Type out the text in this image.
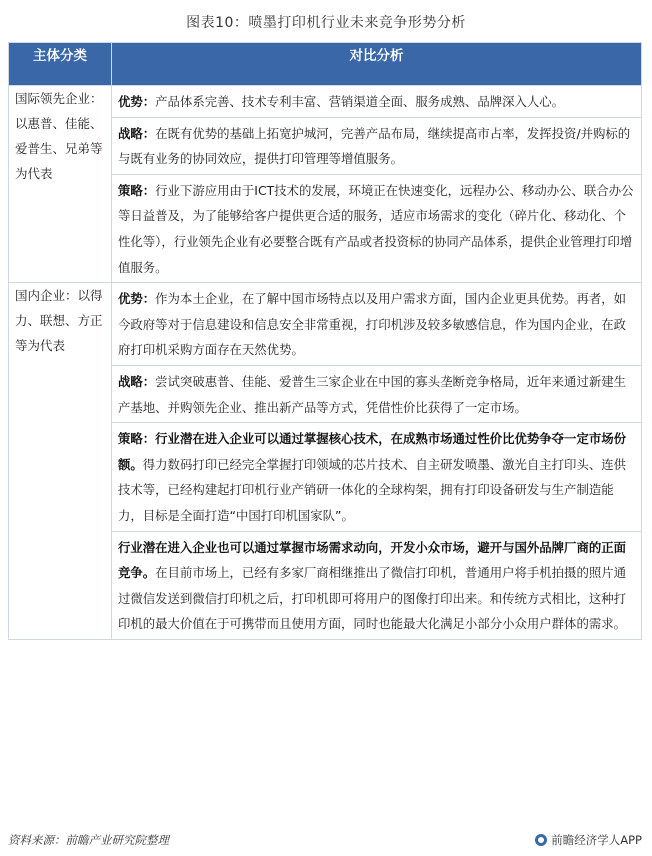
图表10：喷墨打印机行业未来竞争形势分析
主体分类	对比分析
国际领先企业：以惠普、佳能、爱普生、兄弟等为代表	优势：产品体系完善、技术专利丰富、营销渠道全面、服务成熟、品牌深入人心。
	战略：在既有优势的基础上拓宽护城河，完善产品布局，继续提高市占率，发挥投资/并购标的与既有业务的协同效应，提供打印管理等增值服务。
	策略：行业下游应用由于ICT技术的发展，环境正在快速变化，远程办公、移动办公、联合办公等日益普及，为了能够给客户提供更合适的服务，适应市场需求的变化（碎片化、移动化、个性化等），行业领先企业有必要整合既有产品或者投资标的协同产品体系，提供企业管理打印增值服务。
国内企业：以得力、联想、方正等为代表	优势：作为本土企业，在了解中国市场特点以及用户需求方面，国内企业更具优势。再者，如今政府等对于信息建设和信息安全非常重视，打印机涉及较多敏感信息，作为国内企业，在政府打印机采购方面存在天然优势。
	战略：尝试突破惠普、佳能、爱普生三家企业在中国的寡头垄断竞争格局，近年来通过新建生产基地、并购领先企业、推出新产品等方式，凭借性价比获得了一定市场。
	策略：行业潜在进入企业可以通过掌握核心技术，在成熟市场通过性价比优势争夺一定市场份额。得力数码打印已经完全掌握打印领域的芯片技术、自主研发喷墨、激光自主打印头、连供技术等，已经构建起打印机行业产销研一体化的全球构架，拥有打印设备研发与生产制造能力，目标是全面打造“中国打印机国家队”。
	行业潜在进入企业也可以通过掌握市场需求动向，开发小众市场，避开与国外品牌厂商的正面竞争。在目前市场上，已经有多家厂商相继推出了微信打印机，普通用户将手机拍摄的照片通过微信发送到微信打印机之后，打印机即可将用户的图像打印出来。和传统方式相比，这种打印机的最大价值在于可携带而且使用方面，同时也能最大化满足小部分小众用户群体的需求。
资料来源：前瞻产业研究院整理	前瞻经济学人APP
